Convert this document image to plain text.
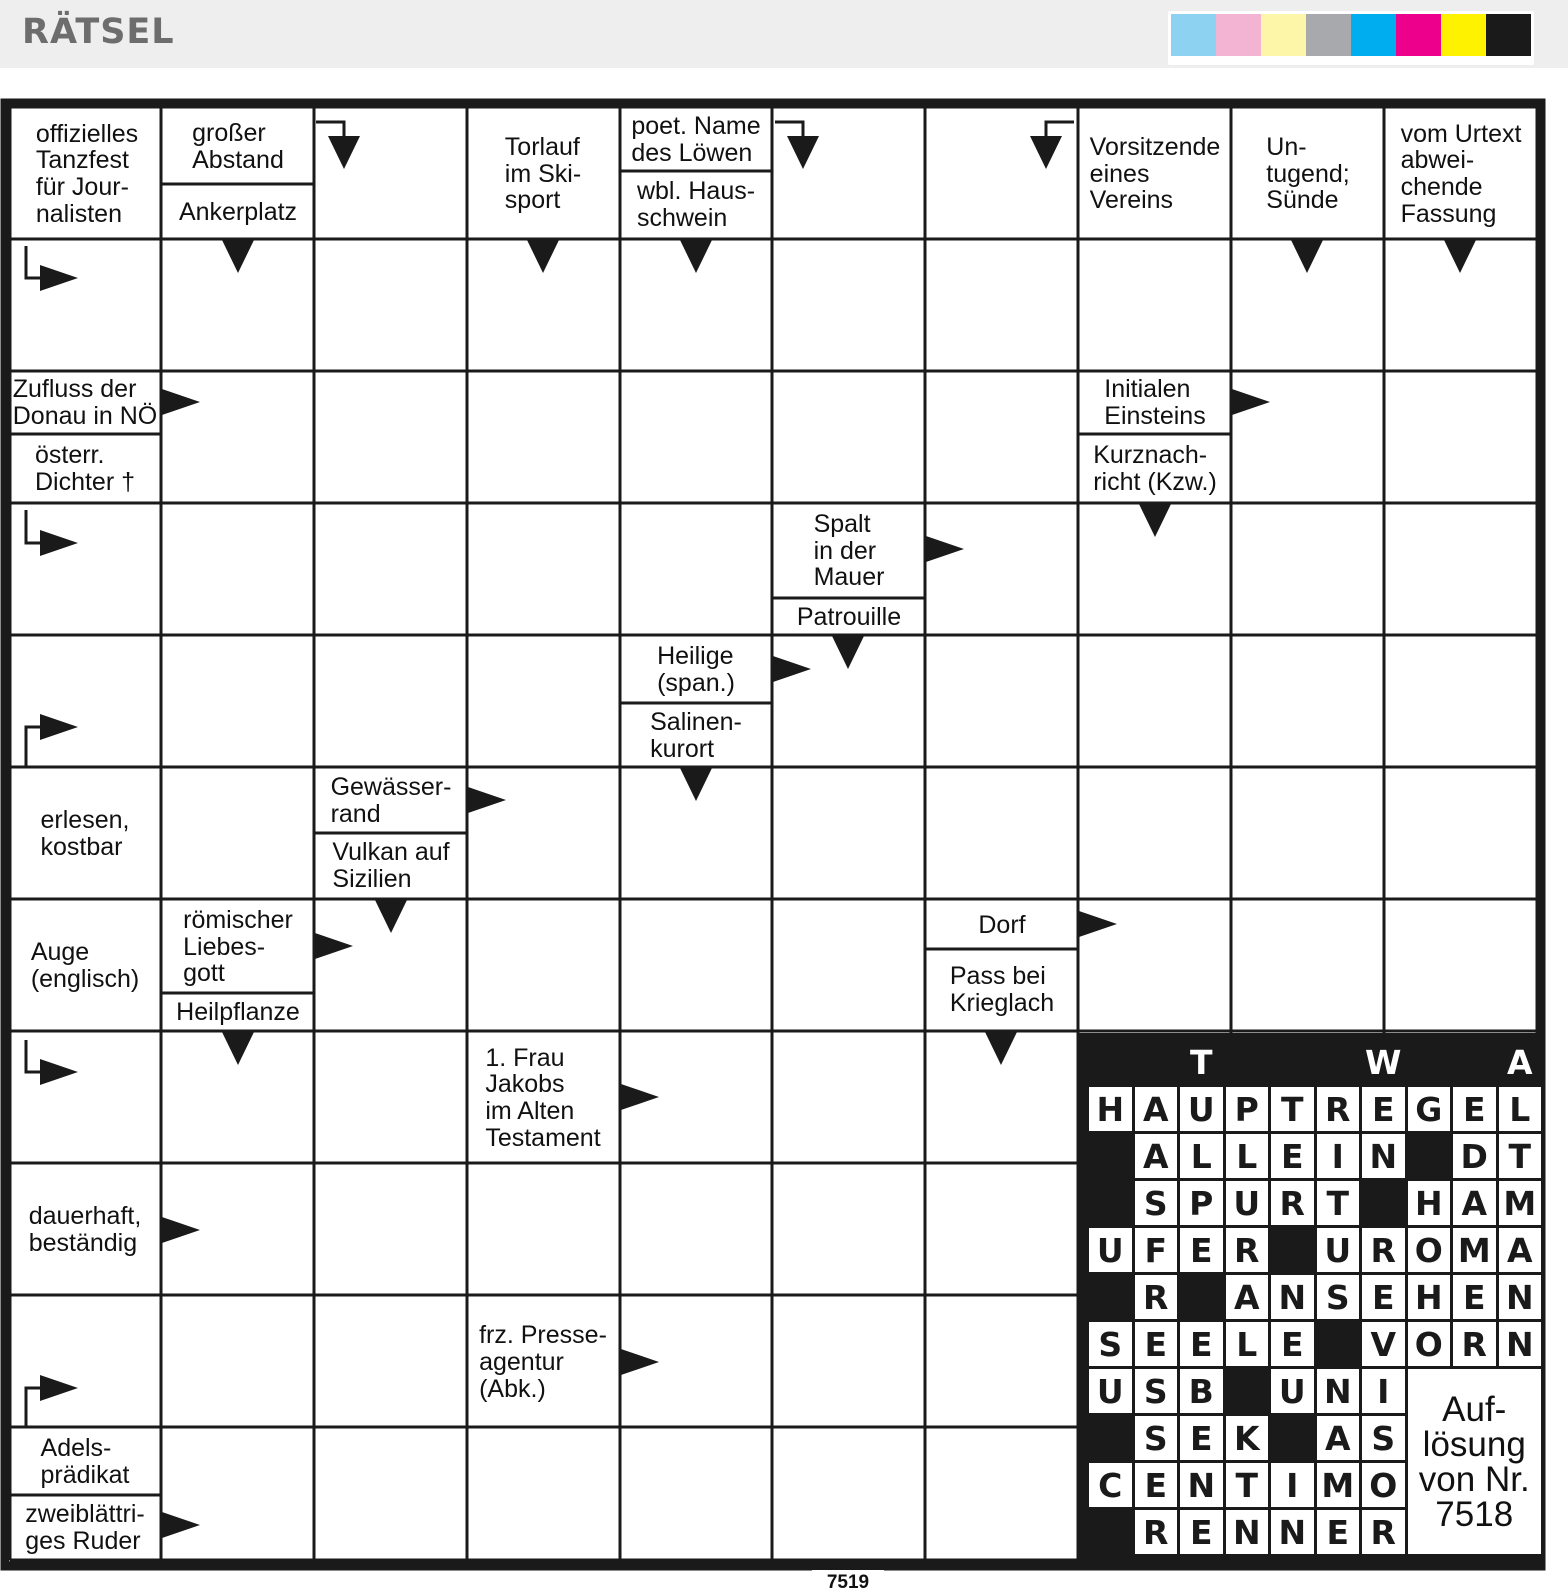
RÄTSEL
offizielles
Tanzfest
für Jour-
nalisten
großer
Abstand
Ankerplatz
Torlauf
im Ski-
sport
poet. Name
des Löwen
wbl. Haus-
schwein
Vorsitzende
eines
Vereins
Un-
tugend;
Sünde
vom Urtext
abwei-
chende
Fassung
Zufluss der
Donau in NÖ
österr.
Dichter †
Initialen
Einsteins
Kurznach-
richt (Kzw.)
Spalt
in der
Mauer
Patrouille
Heilige
(span.)
Salinen-
kurort
erlesen,
kostbar
Gewässer-
rand
Vulkan auf
Sizilien
Auge
(englisch)
römischer
Liebes-
gott
Heilpflanze
Dorf
Pass bei
Krieglach
1. Frau
Jakobs
im Alten
Testament
dauerhaft,
beständig
frz. Presse-
agentur
(Abk.)
Adels-
prädikat
zweiblättri-
ges Ruder
T	W	A
H A U P T R E G E L
A L L E I N D T
S P U R T	H A M
U F E R U R O M A
R A N S E H E N
S E E L E	V O R N
U S B U N I
S E K A S
C E N T I M O
R E N N E R
Auf-
lösung
von Nr.
7518
7519
